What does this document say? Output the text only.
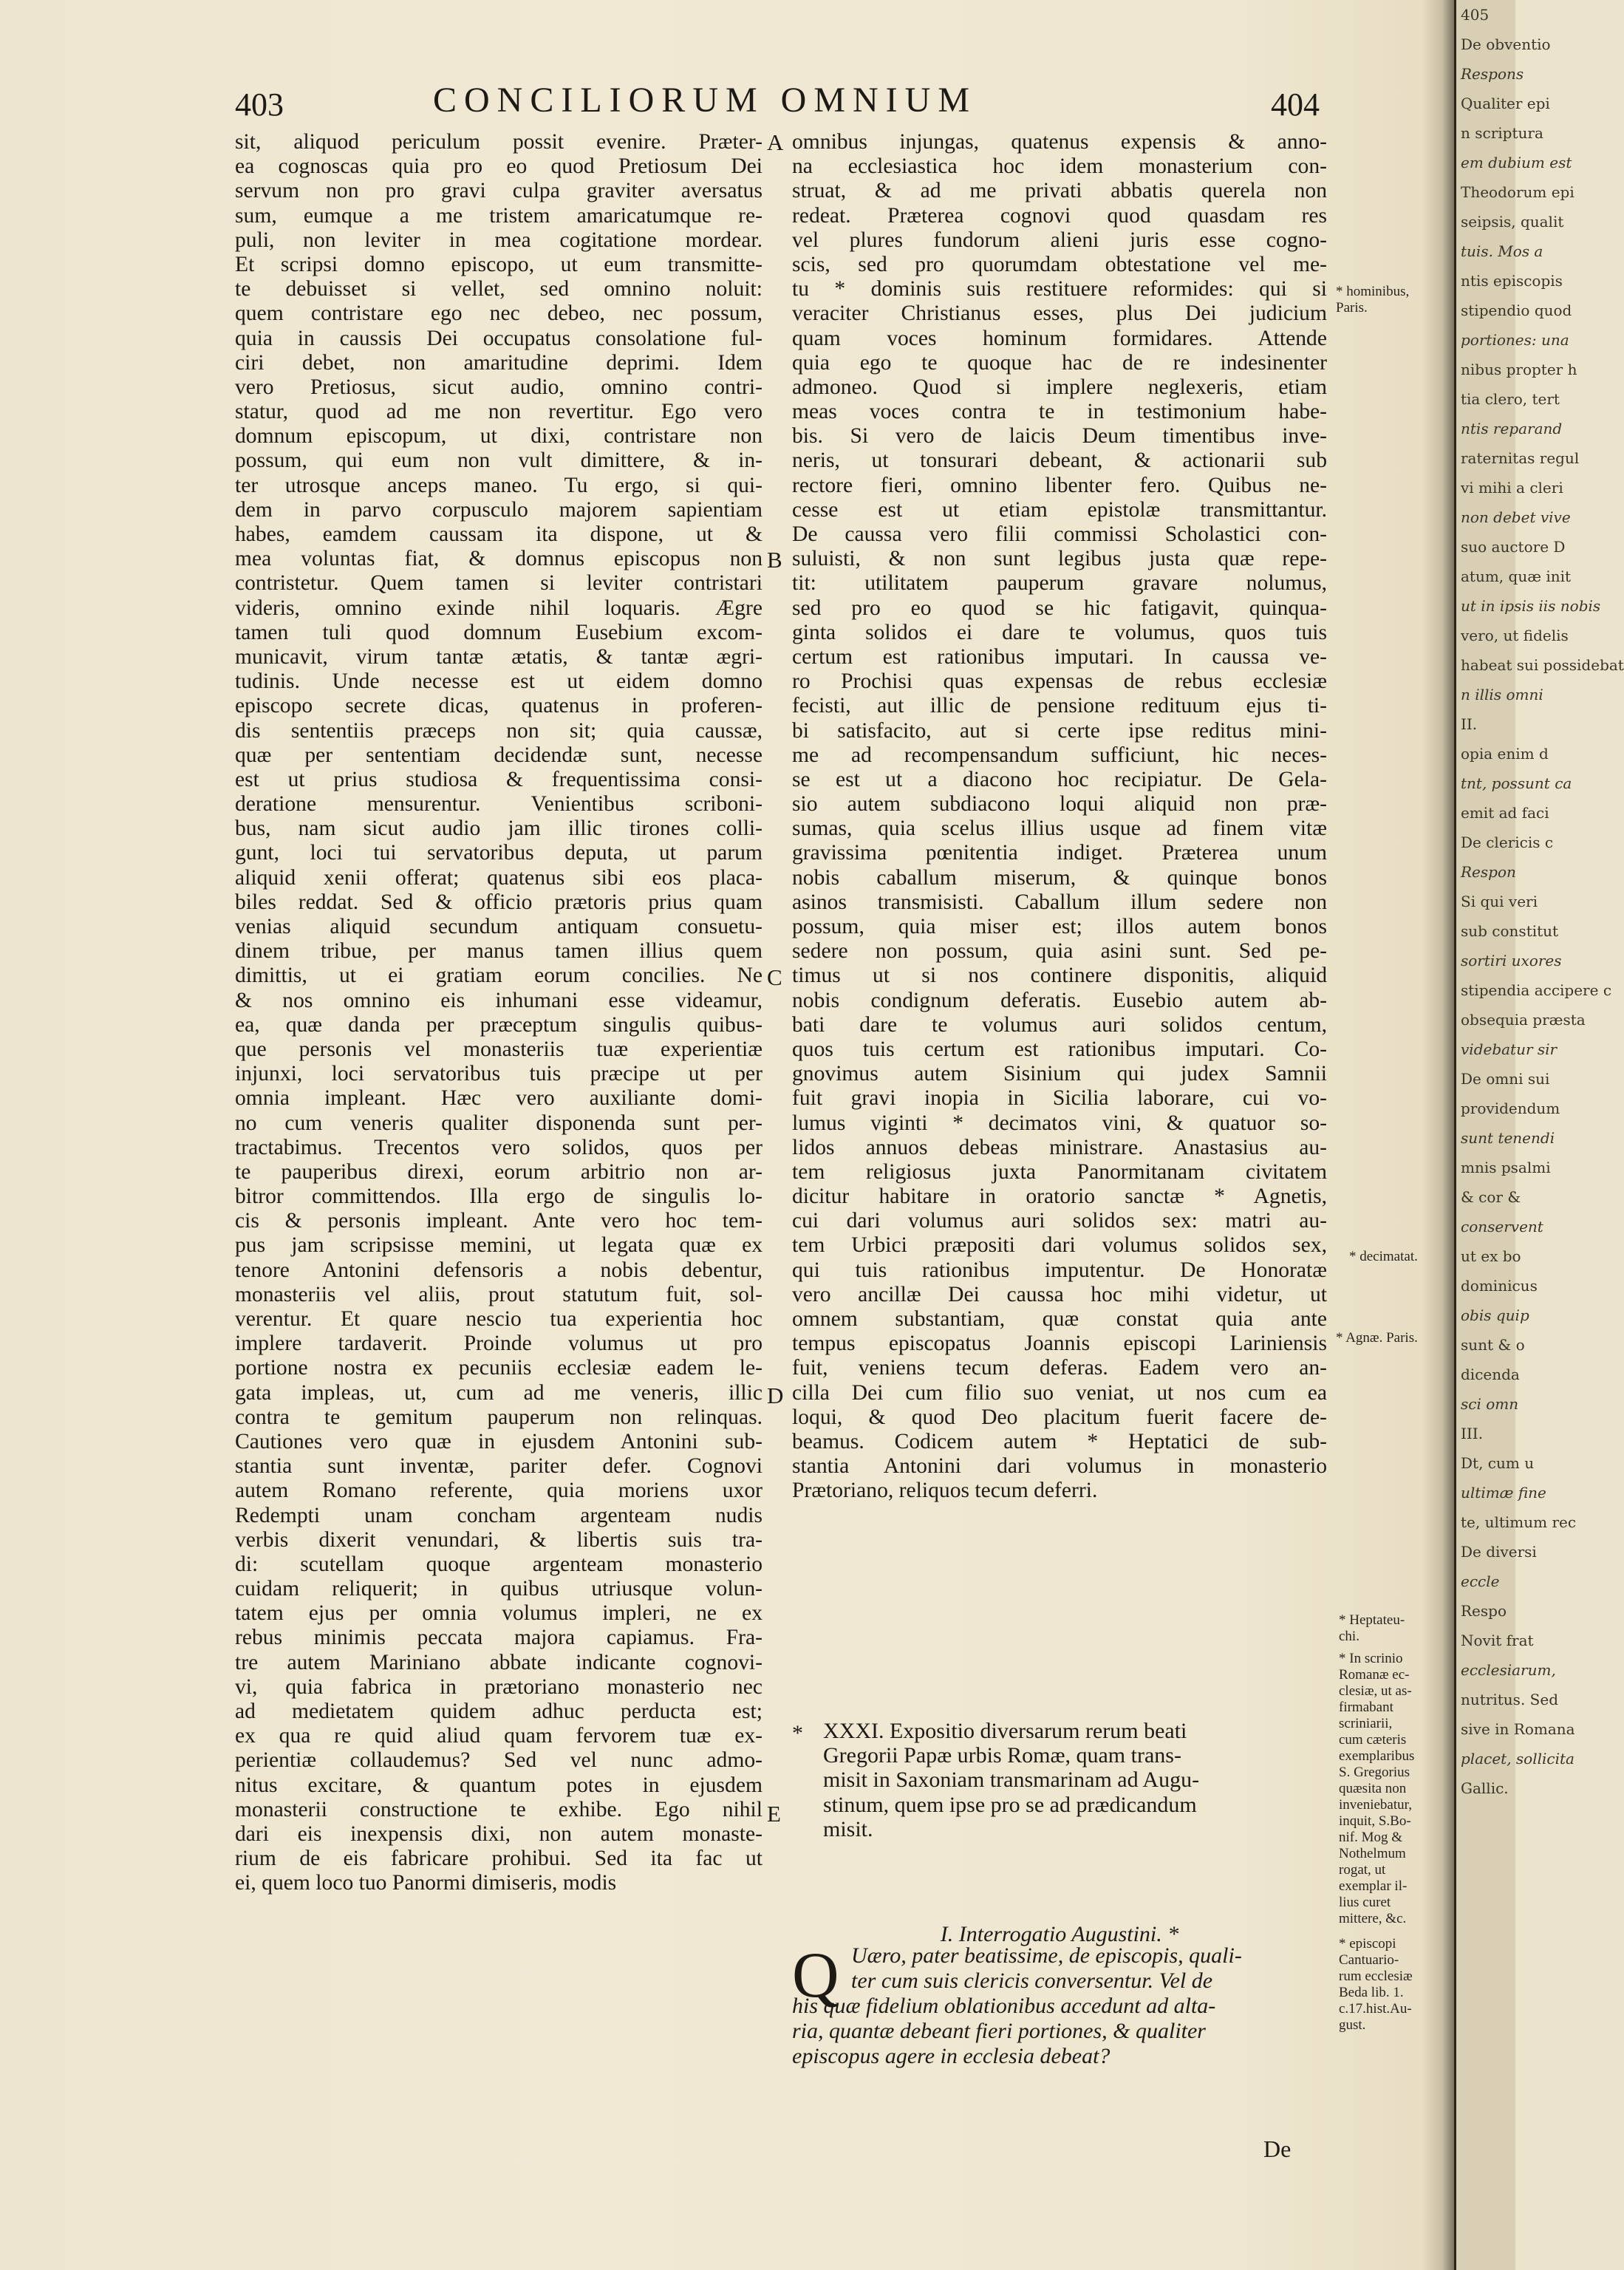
403	CONCILIORUM OMNIUM	404
sit, aliquod periculum possit evenire. Præter-
ea cognoscas quia pro eo quod Pretiosum Dei
servum non pro gravi culpa graviter aversatus
sum, eumque a me tristem amaricatumque re-
puli, non leviter in mea cogitatione mordear.
Et scripsi domno episcopo, ut eum transmitte-
te debuisset si vellet, sed omnino noluit:
quem contristare ego nec debeo, nec possum,
quia in caussis Dei occupatus consolatione ful-
ciri debet, non amaritudine deprimi. Idem
vero Pretiosus, sicut audio, omnino contri-
statur, quod ad me non revertitur. Ego vero
domnum episcopum, ut dixi, contristare non
possum, qui eum non vult dimittere, & in-
ter utrosque anceps maneo. Tu ergo, si qui-
dem in parvo corpusculo majorem sapientiam
habes, eamdem caussam ita dispone, ut &
mea voluntas fiat, & domnus episcopus non
contristetur. Quem tamen si leviter contristari
videris, omnino exinde nihil loquaris. Ægre
tamen tuli quod domnum Eusebium excom-
municavit, virum tantæ ætatis, & tantæ ægri-
tudinis. Unde necesse est ut eidem domno
episcopo secrete dicas, quatenus in proferen-
dis sententiis præceps non sit; quia caussæ,
quæ per sententiam decidendæ sunt, necesse
est ut prius studiosa & frequentissima consi-
deratione mensurentur. Venientibus scriboni-
bus, nam sicut audio jam illic tirones colli-
gunt, loci tui servatoribus deputa, ut parum
aliquid xenii offerat; quatenus sibi eos placa-
biles reddat. Sed & officio prætoris prius quam
venias aliquid secundum antiquam consuetu-
dinem tribue, per manus tamen illius quem
dimittis, ut ei gratiam eorum concilies. Ne
& nos omnino eis inhumani esse videamur,
ea, quæ danda per præceptum singulis quibus-
que personis vel monasteriis tuæ experientiæ
injunxi, loci servatoribus tuis præcipe ut per
omnia impleant. Hæc vero auxiliante domi-
no cum veneris qualiter disponenda sunt per-
tractabimus. Trecentos vero solidos, quos per
te pauperibus direxi, eorum arbitrio non ar-
bitror committendos. Illa ergo de singulis lo-
cis & personis impleant. Ante vero hoc tem-
pus jam scripsisse memini, ut legata quæ ex
tenore Antonini defensoris a nobis debentur,
monasteriis vel aliis, prout statutum fuit, sol-
verentur. Et quare nescio tua experientia hoc
implere tardaverit. Proinde volumus ut pro
portione nostra ex pecuniis ecclesiæ eadem le-
gata impleas, ut, cum ad me veneris, illic
contra te gemitum pauperum non relinquas.
Cautiones vero quæ in ejusdem Antonini sub-
stantia sunt inventæ, pariter defer. Cognovi
autem Romano referente, quia moriens uxor
Redempti unam concham argenteam nudis
verbis dixerit venundari, & libertis suis tra-
di: scutellam quoque argenteam monasterio
cuidam reliquerit; in quibus utriusque volun-
tatem ejus per omnia volumus impleri, ne ex
rebus minimis peccata majora capiamus. Fra-
tre autem Mariniano abbate indicante cognovi-
vi, quia fabrica in prætoriano monasterio nec
ad medietatem quidem adhuc perducta est;
ex qua re quid aliud quam fervorem tuæ ex-
perientiæ collaudemus? Sed vel nunc admo-
nitus excitare, & quantum potes in ejusdem
monasterii constructione te exhibe. Ego nihil
dari eis inexpensis dixi, non autem monaste-
rium de eis fabricare prohibui. Sed ita fac ut
ei, quem loco tuo Panormi dimiseris, modis
omnibus injungas, quatenus expensis & anno-
na ecclesiastica hoc idem monasterium con-
struat, & ad me privati abbatis querela non
redeat. Præterea cognovi quod quasdam res
vel plures fundorum alieni juris esse cogno-
scis, sed pro quorumdam obtestatione vel me-
tu * dominis suis restituere reformides: qui si
veraciter Christianus esses, plus Dei judicium
quam voces hominum formidares. Attende
quia ego te quoque hac de re indesinenter
admoneo. Quod si implere neglexeris, etiam
meas voces contra te in testimonium habe-
bis. Si vero de laicis Deum timentibus inve-
neris, ut tonsurari debeant, & actionarii sub
rectore fieri, omnino libenter fero. Quibus ne-
cesse est ut etiam epistolæ transmittantur.
De caussa vero filii commissi Scholastici con-
suluisti, & non sunt legibus justa quæ repe-
tit: utilitatem pauperum gravare nolumus,
sed pro eo quod se hic fatigavit, quinqua-
ginta solidos ei dare te volumus, quos tuis
certum est rationibus imputari. In caussa ve-
ro Prochisi quas expensas de rebus ecclesiæ
fecisti, aut illic de pensione redituum ejus ti-
bi satisfacito, aut si certe ipse reditus mini-
me ad recompensandum sufficiunt, hic neces-
se est ut a diacono hoc recipiatur. De Gela-
sio autem subdiacono loqui aliquid non præ-
sumas, quia scelus illius usque ad finem vitæ
gravissima pœnitentia indiget. Præterea unum
nobis caballum miserum, & quinque bonos
asinos transmisisti. Caballum illum sedere non
possum, quia miser est; illos autem bonos
sedere non possum, quia asini sunt. Sed pe-
timus ut si nos continere disponitis, aliquid
nobis condignum deferatis. Eusebio autem ab-
bati dare te volumus auri solidos centum,
quos tuis certum est rationibus imputari. Co-
gnovimus autem Sisinium qui judex Samnii
fuit gravi inopia in Sicilia laborare, cui vo-
lumus viginti * decimatos vini, & quatuor so-
lidos annuos debeas ministrare. Anastasius au-
tem religiosus juxta Panormitanam civitatem
dicitur habitare in oratorio sanctæ * Agnetis,
cui dari volumus auri solidos sex: matri au-
tem Urbici præpositi dari volumus solidos sex,
qui tuis rationibus imputentur. De Honoratæ
vero ancillæ Dei caussa hoc mihi videtur, ut
omnem substantiam, quæ constat quia ante
tempus episcopatus Joannis episcopi Lariniensis
fuit, veniens tecum deferas. Eadem vero an-
cilla Dei cum filio suo veniat, ut nos cum ea
loqui, & quod Deo placitum fuerit facere de-
beamus. Codicem autem * Heptatici de sub-
stantia Antonini dari volumus in monasterio
Prætoriano, reliquos tecum deferri.
A
B
C
D
E
* XXXI. Expositio diversarum rerum beati
Gregorii Papæ urbis Romæ, quam trans-
misit in Saxoniam transmarinam ad Augu-
stinum, quem ipse pro se ad prædicandum
misit.
I. Interrogatio Augustini. *
Q Uæro, pater beatissime, de episcopis, quali-
ter cum suis clericis conversentur. Vel de
his quæ fidelium oblationibus accedunt ad alta-
ria, quantæ debeant fieri portiones, & qualiter
episcopus agere in ecclesia debeat?
De
* hominibus,
Paris.
* decimatat.
* Agnæ. Paris.
* Heptateu-
chi.
* In scrinio
Romanæ ec-
clesiæ, ut as-
firmabant
scriniarii,
cum cæteris
exemplaribus
S. Gregorius
quæsita non
inveniebatur,
inquit, S.Bo-
nif. Mog &
Nothelmum
rogat, ut
exemplar il-
lius curet
mittere, &c.
* episcopi
Cantuario-
rum ecclesiæ
Beda lib. 1.
c.17.hist.Au-
gust.
405
De obventio
Respons
Qualiter epi
n scriptura
em dubium est
Theodorum epi
seipsis, qualit
tuis. Mos a
ntis episcopis
stipendio quod
portiones: una
nibus propter h
tia clero, tert
ntis reparand
raternitas regul
vi mihi a cleri
non debet vive
suo auctore D
atum, quæ init
ut in ipsis iis nobis
vero, ut fidelis
habeat sui possidebat
n illis omni
II.
opia enim d
tnt, possunt ca
emit ad faci
De clericis c
Respon
Si qui veri
sub constitut
sortiri uxores
stipendia accipere c
obsequia præsta
videbatur sir
De omni sui
providendum
sunt tenendi
mnis psalmi
& cor &
conservent
ut ex bo
dominicus
obis quip
sunt & o
dicenda
sci omn
III.
Dt, cum u
ultimæ fine
te, ultimum rec
De diversi
eccle
Respo
Novit frat
ecclesiarum,
nutritus. Sed
sive in Romana
placet, sollicita
Gallic.
